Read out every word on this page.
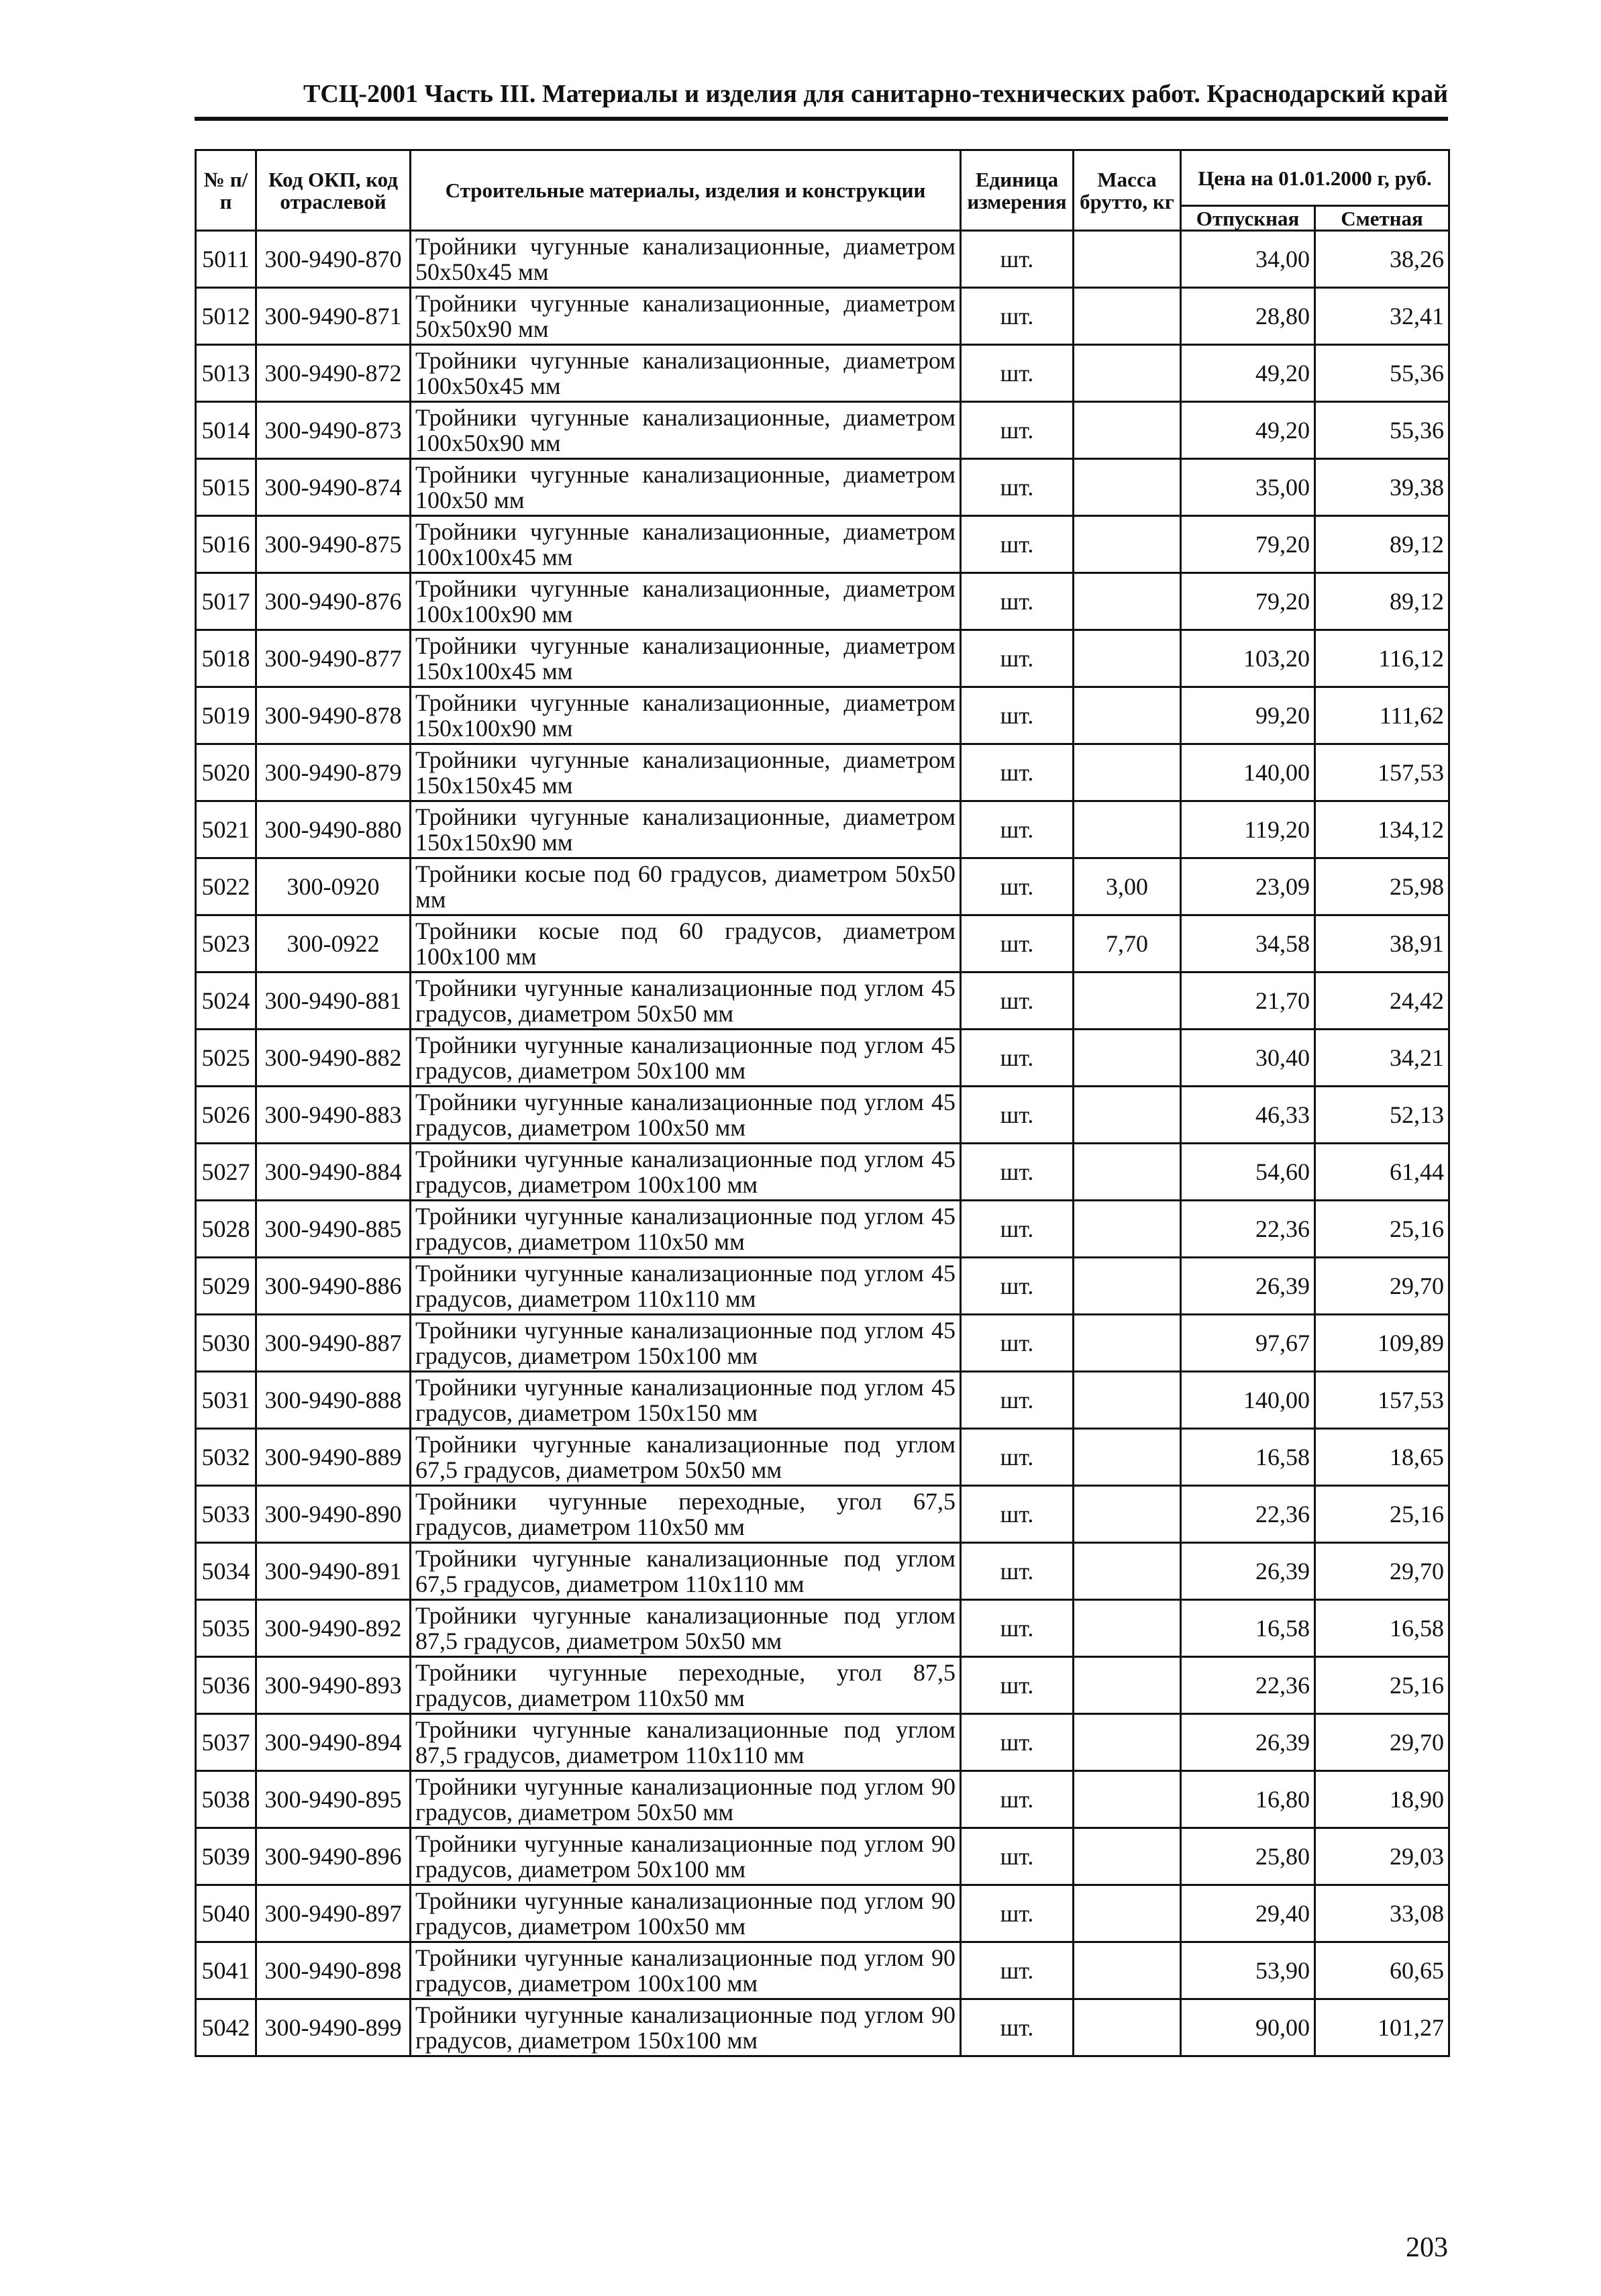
ТСЦ-2001 Часть III. Материалы и изделия для санитарно-технических работ. Краснодарский край
№ п/п	Код ОКП, код отраслевой	Строительные материалы, изделия и конструкции	Единица измерения	Масса брутто, кг	Цена на 01.01.2000 г, руб.	
					Отпускная	Сметная
5011	300-9490-870	Тройники чугунные канализационные, диаметром 50х50х45 мм	шт.		34,00	38,26
5012	300-9490-871	Тройники чугунные канализационные, диаметром 50х50х90 мм	шт.		28,80	32,41
5013	300-9490-872	Тройники чугунные канализационные, диаметром 100х50х45 мм	шт.		49,20	55,36
5014	300-9490-873	Тройники чугунные канализационные, диаметром 100х50х90 мм	шт.		49,20	55,36
5015	300-9490-874	Тройники чугунные канализационные, диаметром 100х50 мм	шт.		35,00	39,38
5016	300-9490-875	Тройники чугунные канализационные, диаметром 100х100х45 мм	шт.		79,20	89,12
5017	300-9490-876	Тройники чугунные канализационные, диаметром 100х100х90 мм	шт.		79,20	89,12
5018	300-9490-877	Тройники чугунные канализационные, диаметром 150х100х45 мм	шт.		103,20	116,12
5019	300-9490-878	Тройники чугунные канализационные, диаметром 150х100х90 мм	шт.		99,20	111,62
5020	300-9490-879	Тройники чугунные канализационные, диаметром 150х150х45 мм	шт.		140,00	157,53
5021	300-9490-880	Тройники чугунные канализационные, диаметром 150х150х90 мм	шт.		119,20	134,12
5022	300-0920	Тройники косые под 60 градусов, диаметром 50х50 мм	шт.	3,00	23,09	25,98
5023	300-0922	Тройники косые под 60 градусов, диаметром 100х100 мм	шт.	7,70	34,58	38,91
5024	300-9490-881	Тройники чугунные канализационные под углом 45 градусов, диаметром 50х50 мм	шт.		21,70	24,42
5025	300-9490-882	Тройники чугунные канализационные под углом 45 градусов, диаметром 50х100 мм	шт.		30,40	34,21
5026	300-9490-883	Тройники чугунные канализационные под углом 45 градусов, диаметром 100х50 мм	шт.		46,33	52,13
5027	300-9490-884	Тройники чугунные канализационные под углом 45 градусов, диаметром 100х100 мм	шт.		54,60	61,44
5028	300-9490-885	Тройники чугунные канализационные под углом 45 градусов, диаметром 110х50 мм	шт.		22,36	25,16
5029	300-9490-886	Тройники чугунные канализационные под углом 45 градусов, диаметром 110х110 мм	шт.		26,39	29,70
5030	300-9490-887	Тройники чугунные канализационные под углом 45 градусов, диаметром 150х100 мм	шт.		97,67	109,89
5031	300-9490-888	Тройники чугунные канализационные под углом 45 градусов, диаметром 150х150 мм	шт.		140,00	157,53
5032	300-9490-889	Тройники чугунные канализационные под углом 67,5 градусов, диаметром 50х50 мм	шт.		16,58	18,65
5033	300-9490-890	Тройники чугунные переходные, угол 67,5 градусов, диаметром 110х50 мм	шт.		22,36	25,16
5034	300-9490-891	Тройники чугунные канализационные под углом 67,5 градусов, диаметром 110х110 мм	шт.		26,39	29,70
5035	300-9490-892	Тройники чугунные канализационные под углом 87,5 градусов, диаметром 50х50 мм	шт.		16,58	16,58
5036	300-9490-893	Тройники чугунные переходные, угол 87,5 градусов, диаметром 110х50 мм	шт.		22,36	25,16
5037	300-9490-894	Тройники чугунные канализационные под углом 87,5 градусов, диаметром 110х110 мм	шт.		26,39	29,70
5038	300-9490-895	Тройники чугунные канализационные под углом 90 градусов, диаметром 50х50 мм	шт.		16,80	18,90
5039	300-9490-896	Тройники чугунные канализационные под углом 90 градусов, диаметром 50х100 мм	шт.		25,80	29,03
5040	300-9490-897	Тройники чугунные канализационные под углом 90 градусов, диаметром 100х50 мм	шт.		29,40	33,08
5041	300-9490-898	Тройники чугунные канализационные под углом 90 градусов, диаметром 100х100 мм	шт.		53,90	60,65
5042	300-9490-899	Тройники чугунные канализационные под углом 90 градусов, диаметром 150х100 мм	шт.		90,00	101,27
203
